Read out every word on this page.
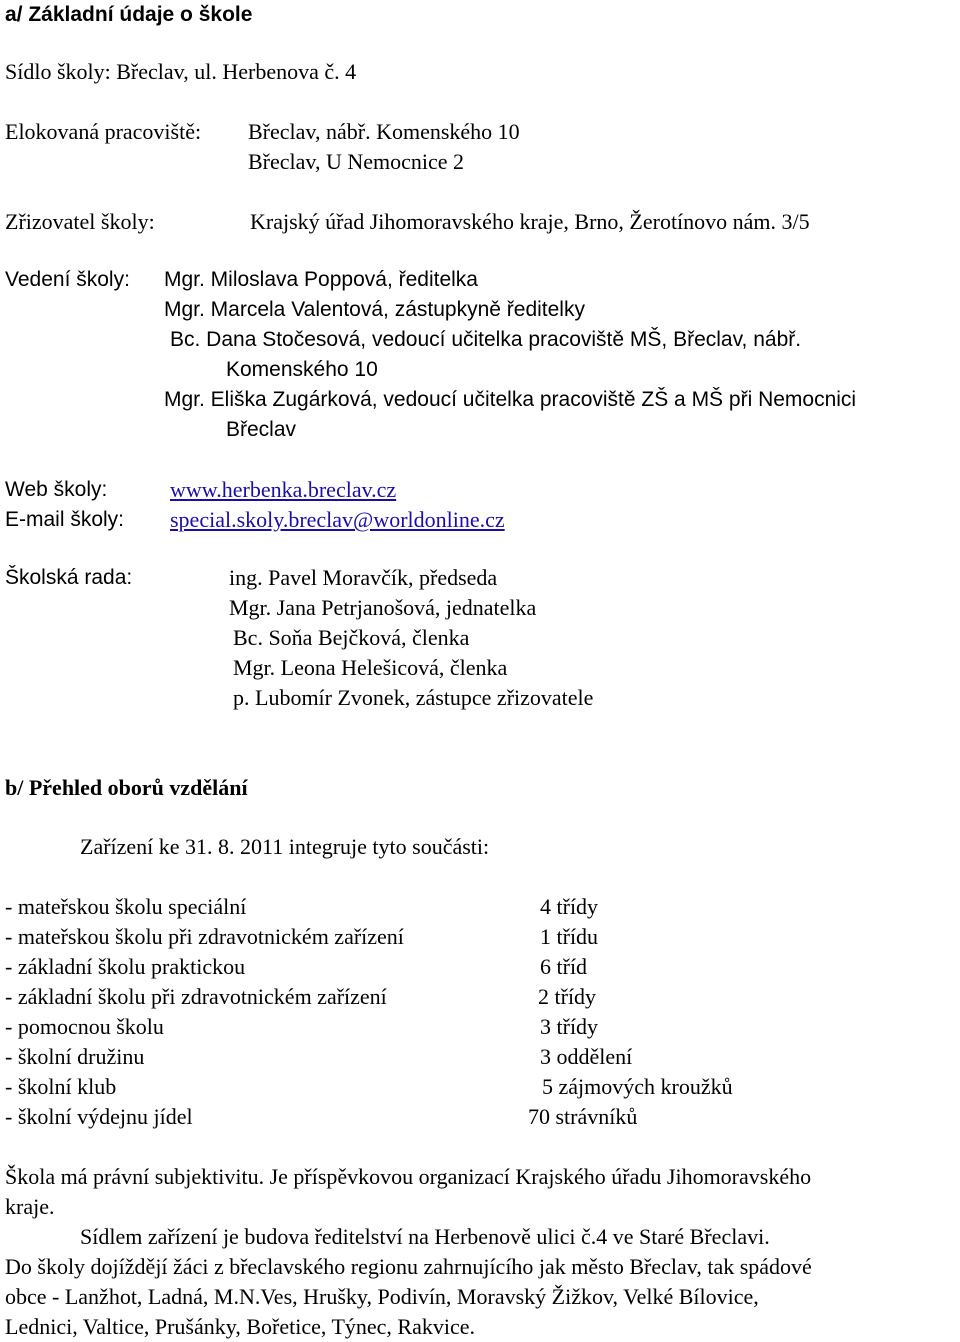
a/ Základní údaje o škole
Sídlo školy: Břeclav, ul. Herbenova č. 4
Elokovaná pracoviště: Břeclav, nábř. Komenského 10
Břeclav, U Nemocnice 2
Zřizovatel školy:	Krajský úřad Jihomoravského kraje, Brno, Žerotínovo nám. 3/5
Vedení školy: Mgr. Miloslava Poppová, ředitelka
Mgr. Marcela Valentová, zástupkyně ředitelky
Bc. Dana Stočesová, vedoucí učitelka pracoviště MŠ, Břeclav, nábř.
Komenského 10
Mgr. Eliška Zugárková, vedoucí učitelka pracoviště ZŠ a MŠ při Nemocnici
Břeclav
Web školy:	www.herbenka.breclav.cz
E-mail školy: special.skoly.breclav@worldonline.cz
Školská rada:	ing. Pavel Moravčík, předseda
Mgr. Jana Petrjanošová, jednatelka
Bc. Soňa Bejčková, členka
Mgr. Leona Helešicová, členka
p. Lubomír Zvonek, zástupce zřizovatele
b/ Přehled oborů vzdělání
Zařízení ke 31. 8. 2011 integruje tyto součásti:
- mateřskou školu speciální	4 třídy
- mateřskou školu při zdravotnickém zařízení	1 třídu
- základní školu praktickou	6 tříd
- základní školu při zdravotnickém zařízení	2 třídy
- pomocnou školu	3 třídy
- školní družinu	3 oddělení
- školní klub	5 zájmových kroužků
- školní výdejnu jídel	70 strávníků
Škola má právní subjektivitu. Je příspěvkovou organizací Krajského úřadu Jihomoravského
kraje.
Sídlem zařízení je budova ředitelství na Herbenově ulici č.4 ve Staré Břeclavi.
Do školy dojíždějí žáci z břeclavského regionu zahrnujícího jak město Břeclav, tak spádové
obce - Lanžhot, Ladná, M.N.Ves, Hrušky, Podivín, Moravský Žižkov, Velké Bílovice,
Lednici, Valtice, Prušánky, Bořetice, Týnec, Rakvice.
